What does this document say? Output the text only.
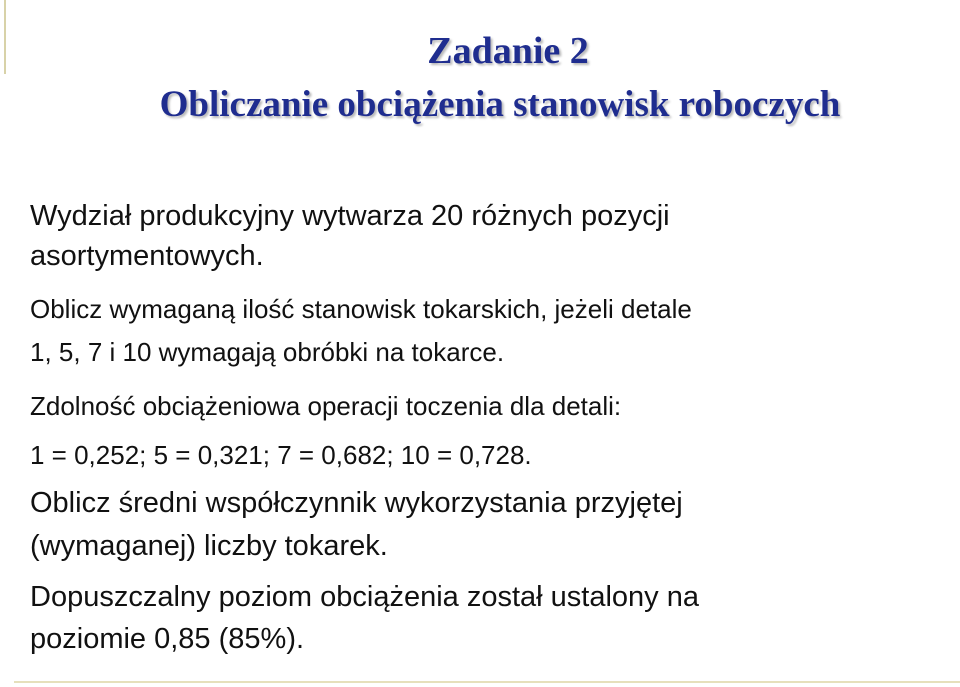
Zadanie 2
Obliczanie obciążenia stanowisk roboczych

Wydział produkcyjny wytwarza 20 różnych pozycji

asortymentowych.

Oblicz wymaganą ilość stanowisk tokarskich, jeżeli detale

1, 5, 7 i 10 wymagają obróbki na tokarce.

Zdolność obciążeniowa operacji toczenia dla detali:

1 = 0,252; 5 = 0,321; 7 = 0,682; 10 = 0,728.

Oblicz średni współczynnik wykorzystania przyjętej

(wymaganej) liczby tokarek.

Dopuszczalny poziom obciążenia został ustalony na

poziomie 0,85 (85%).
